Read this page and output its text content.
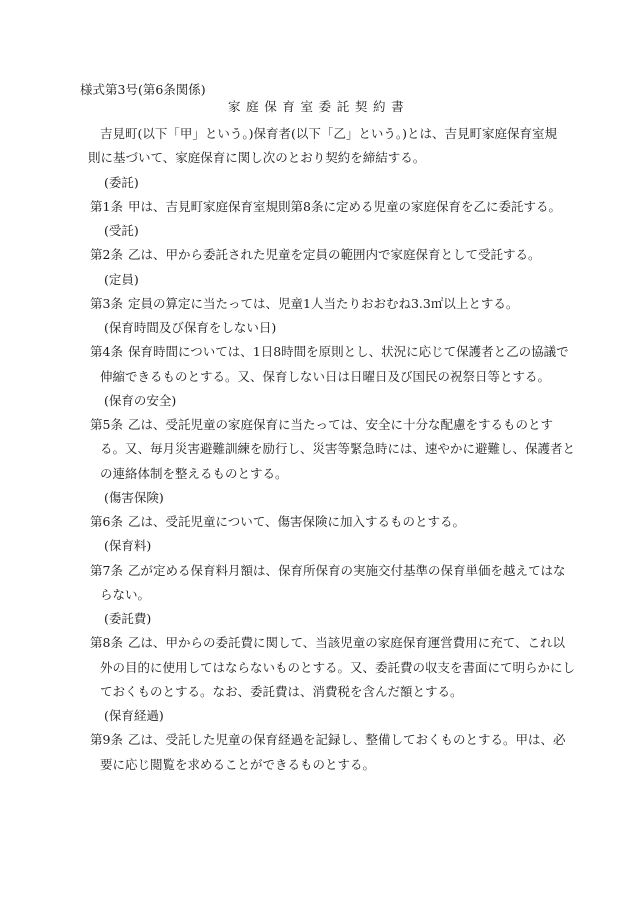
様式第3号(第6条関係)
家庭保育室委託契約書
吉見町(以下「甲」という。)保育者(以下「乙」という。)とは、吉見町家庭保育室規
則に基づいて、家庭保育に関し次のとおり契約を締結する。
(委託)
第1条 甲は、吉見町家庭保育室規則第8条に定める児童の家庭保育を乙に委託する。
(受託)
第2条 乙は、甲から委託された児童を定員の範囲内で家庭保育として受託する。
(定員)
第3条 定員の算定に当たっては、児童1人当たりおおむね3.3㎡以上とする。
(保育時間及び保育をしない日)
第4条 保育時間については、1日8時間を原則とし、状況に応じて保護者と乙の協議で
伸縮できるものとする。又、保育しない日は日曜日及び国民の祝祭日等とする。
(保育の安全)
第5条 乙は、受託児童の家庭保育に当たっては、安全に十分な配慮をするものとす
る。又、毎月災害避難訓練を励行し、災害等緊急時には、速やかに避難し、保護者と
の連絡体制を整えるものとする。
(傷害保険)
第6条 乙は、受託児童について、傷害保険に加入するものとする。
(保育料)
第7条 乙が定める保育料月額は、保育所保育の実施交付基準の保育単価を越えてはな
らない。
(委託費)
第8条 乙は、甲からの委託費に関して、当該児童の家庭保育運営費用に充て、これ以
外の目的に使用してはならないものとする。又、委託費の収支を書面にて明らかにし
ておくものとする。なお、委託費は、消費税を含んだ額とする。
(保育経過)
第9条 乙は、受託した児童の保育経過を記録し、整備しておくものとする。甲は、必
要に応じ閲覧を求めることができるものとする。
